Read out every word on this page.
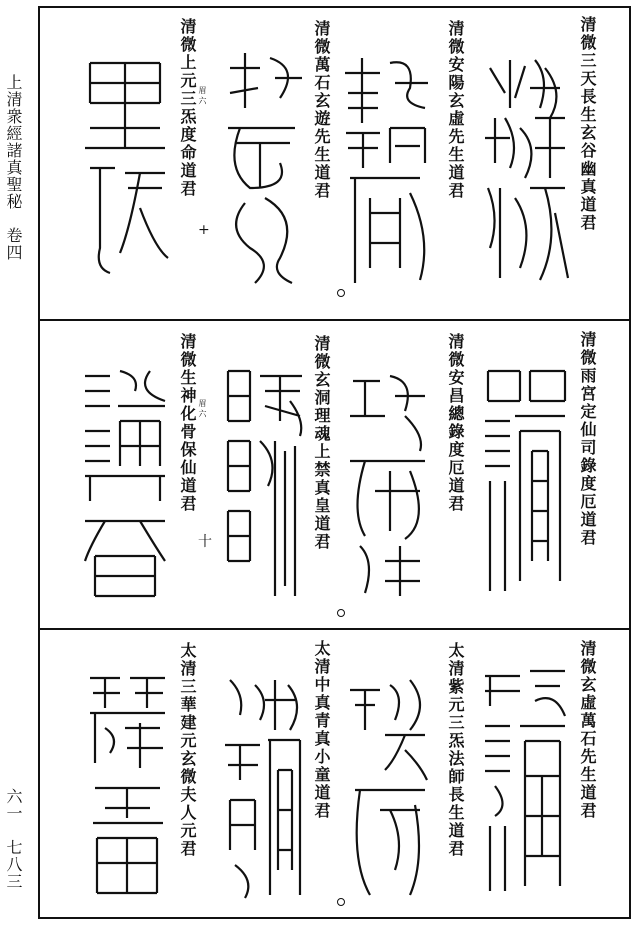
上清衆經諸真聖秘　卷四
六一　七八三
清微三天長生玄谷幽真道君
清微安陽玄虛先生道君
清微萬石玄遊先生道君
清微上元三炁度命道君 眉 六
+
清微雨宮定仙司錄度厄道君
清微安昌總錄度厄道君
清微玄洞理魂上禁真皇道君
清微生神化骨保仙道君 眉 六
十
清微玄虛萬石先生道君
太清紫元三炁法師長生道君
太清中真青真小童道君
太清三華建元玄微夫人元君
